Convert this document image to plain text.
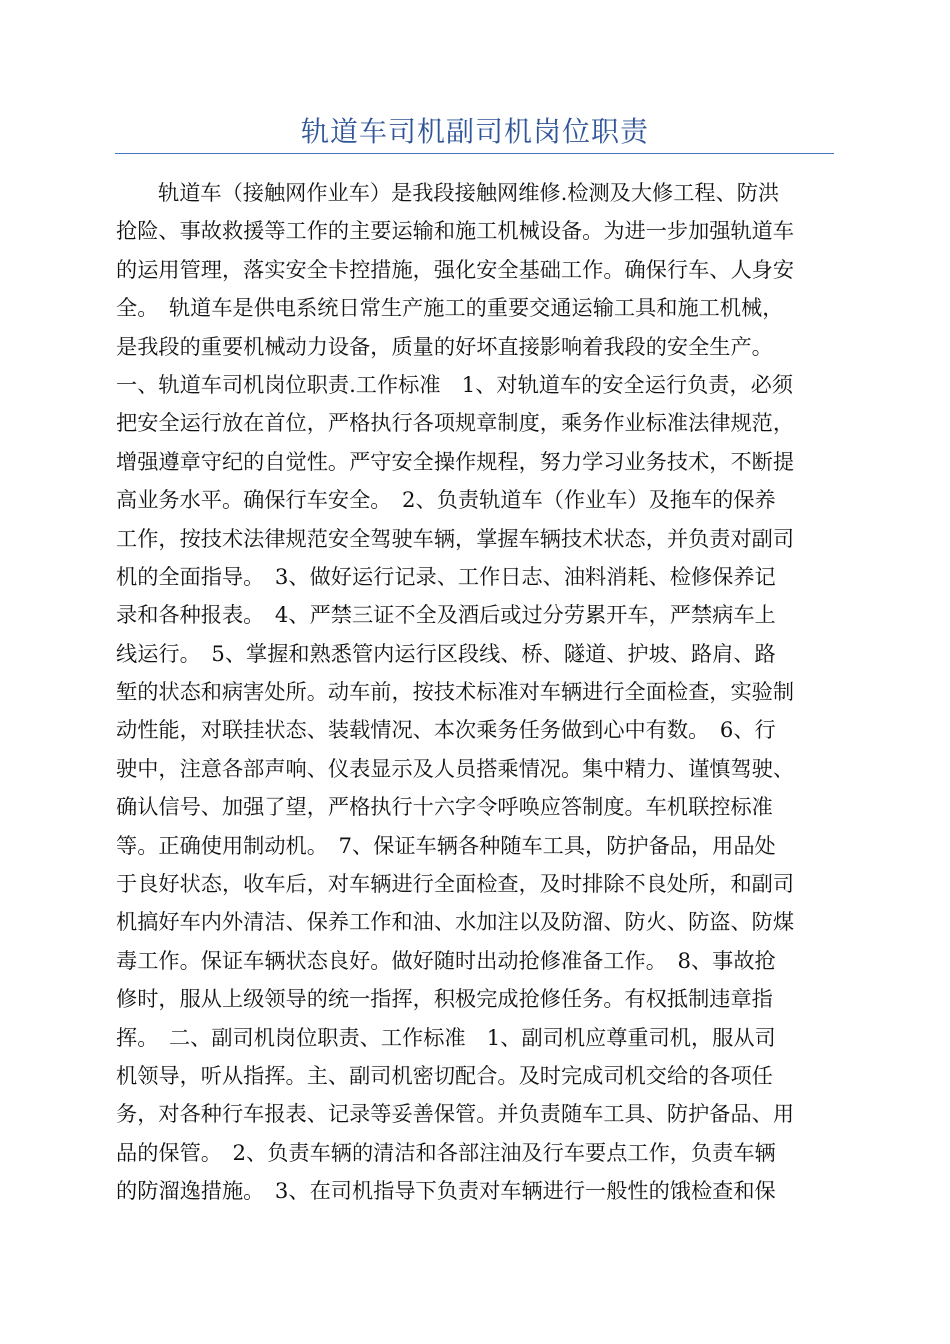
轨道车司机副司机岗位职责
轨道车（接触网作业车）是我段接触网维修.检测及大修工程、防洪
抢险、事故救援等工作的主要运输和施工机械设备。为进一步加强轨道车
的运用管理，落实安全卡控措施，强化安全基础工作。确保行车、人身安
全。　轨道车是供电系统日常生产施工的重要交通运输工具和施工机械，
是我段的重要机械动力设备，质量的好坏直接影响着我段的安全生产。
一、轨道车司机岗位职责.工作标准　1、对轨道车的安全运行负责，必须
把安全运行放在首位，严格执行各项规章制度，乘务作业标准法律规范，
增强遵章守纪的自觉性。严守安全操作规程，努力学习业务技术，不断提
高业务水平。确保行车安全。　2、负责轨道车（作业车）及拖车的保养
工作，按技术法律规范安全驾驶车辆，掌握车辆技术状态，并负责对副司
机的全面指导。　3、做好运行记录、工作日志、油料消耗、检修保养记
录和各种报表。　4、严禁三证不全及酒后或过分劳累开车，严禁病车上
线运行。　5、掌握和熟悉管内运行区段线、桥、隧道、护坡、路肩、路
堑的状态和病害处所。动车前，按技术标准对车辆进行全面检查，实验制
动性能，对联挂状态、装载情况、本次乘务任务做到心中有数。　6、行
驶中，注意各部声响、仪表显示及人员搭乘情况。集中精力、谨慎驾驶、
确认信号、加强了望，严格执行十六字令呼唤应答制度。车机联控标准
等。正确使用制动机。　7、保证车辆各种随车工具，防护备品，用品处
于良好状态，收车后，对车辆进行全面检查，及时排除不良处所，和副司
机搞好车内外清洁、保养工作和油、水加注以及防溜、防火、防盗、防煤
毒工作。保证车辆状态良好。做好随时出动抢修准备工作。　8、事故抢
修时，服从上级领导的统一指挥，积极完成抢修任务。有权抵制违章指
挥。　二、副司机岗位职责、工作标准　1、副司机应尊重司机，服从司
机领导，听从指挥。主、副司机密切配合。及时完成司机交给的各项任
务，对各种行车报表、记录等妥善保管。并负责随车工具、防护备品、用
品的保管。　2、负责车辆的清洁和各部注油及行车要点工作，负责车辆
的防溜逸措施。　3、在司机指导下负责对车辆进行一般性的饿检查和保
